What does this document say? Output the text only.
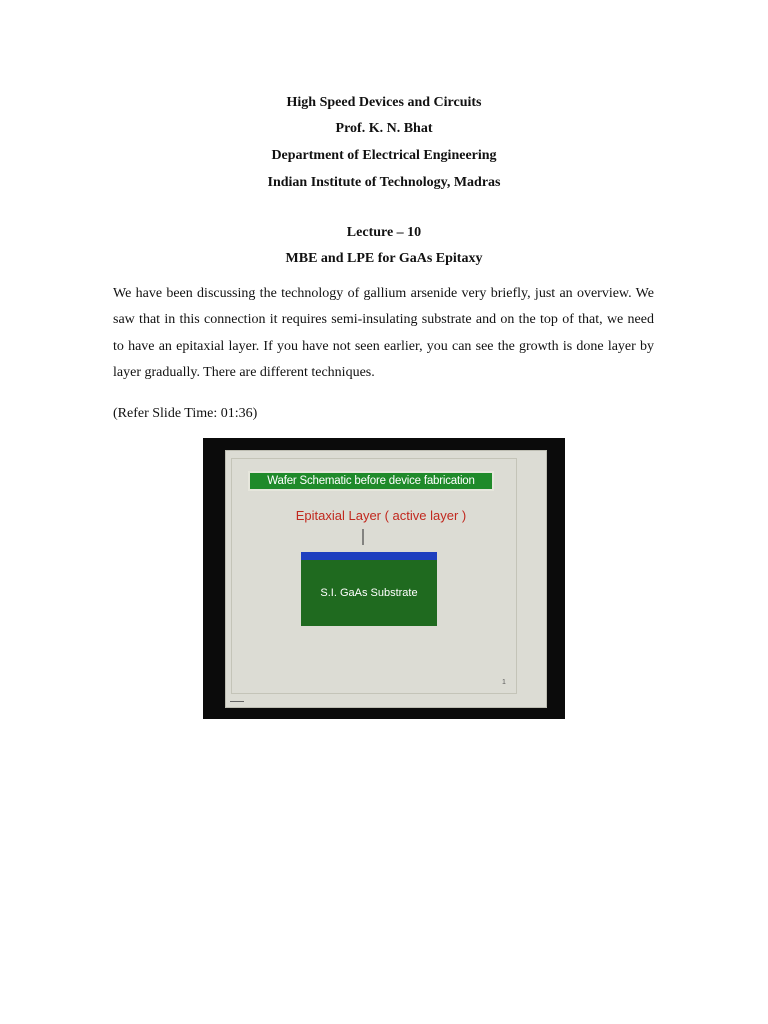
High Speed Devices and Circuits
Prof. K. N. Bhat
Department of Electrical Engineering
Indian Institute of Technology, Madras
Lecture – 10
MBE and LPE for GaAs Epitaxy
We have been discussing the technology of gallium arsenide very briefly, just an overview. We saw that in this connection it requires semi-insulating substrate and on the top of that, we need to have an epitaxial layer. If you have not seen earlier, you can see the growth is done layer by layer gradually. There are different techniques.
(Refer Slide Time: 01:36)
Wafer Schematic before device fabrication
Epitaxial Layer ( active layer )
S.I. GaAs Substrate
1
